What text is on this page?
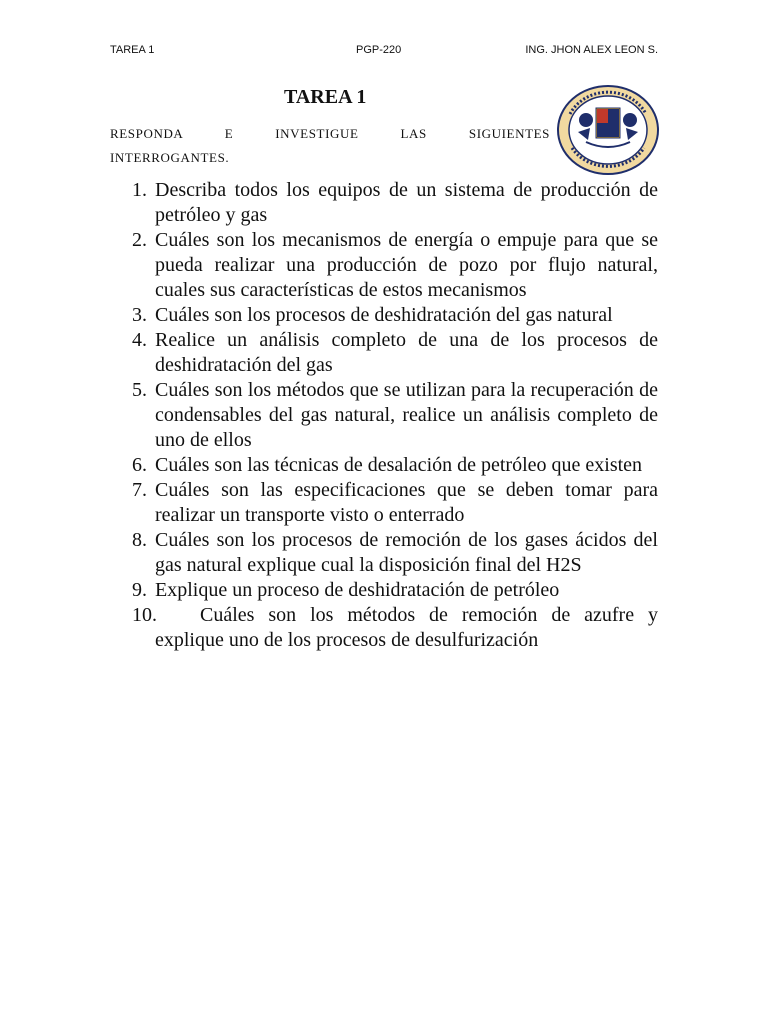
TAREA 1	PGP-220	ING. JHON ALEX LEON S.
TAREA 1
RESPONDA E INVESTIGUE LAS SIGUIENTES
INTERROGANTES.
1. Describa todos los equipos de un sistema de producción de petróleo y gas
2. Cuáles son los mecanismos de energía o empuje para que se pueda realizar una producción de pozo por flujo natural, cuales sus características de estos mecanismos
3. Cuáles son los procesos de deshidratación del gas natural
4. Realice un análisis completo de una de los procesos de deshidratación del gas
5. Cuáles son los métodos que se utilizan para la recuperación de condensables del gas natural, realice un análisis completo de uno de ellos
6. Cuáles son las técnicas de desalación de petróleo que existen
7. Cuáles son las especificaciones que se deben tomar para realizar un transporte visto o enterrado
8. Cuáles son los procesos de remoción de los gases ácidos del gas natural explique cual la disposición final del H2S
9. Explique un proceso de deshidratación de petróleo
10. Cuáles son los métodos de remoción de azufre y explique uno de los procesos de desulfurización
